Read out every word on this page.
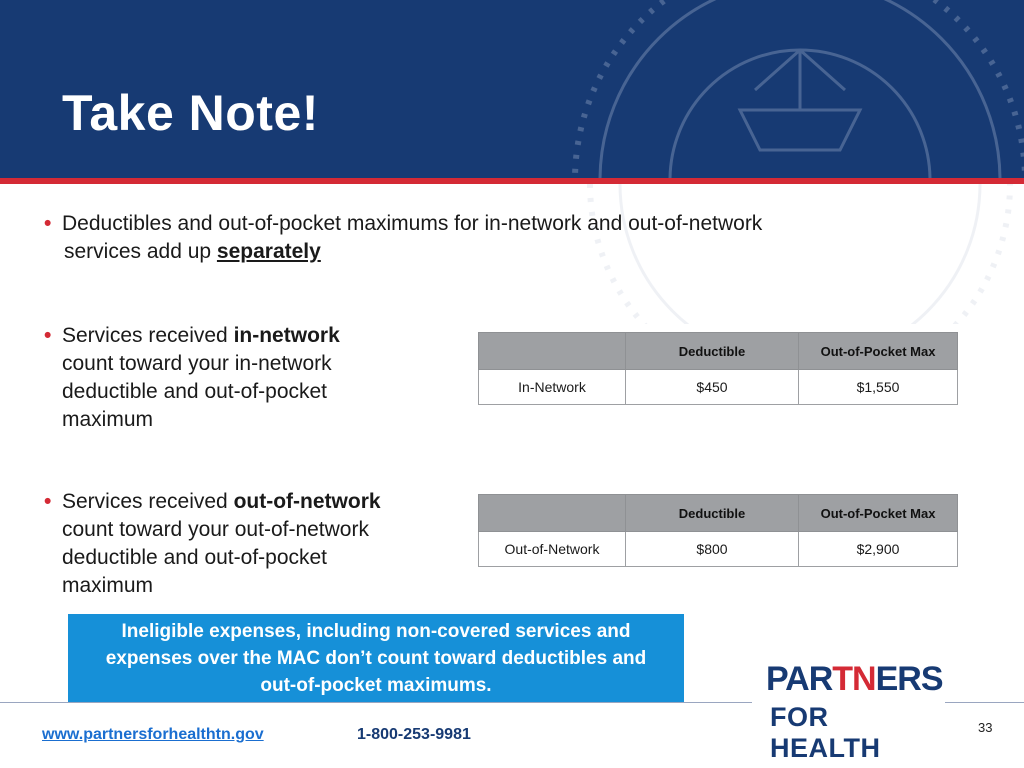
Take Note!
• Deductibles and out-of-pocket maximums for in-network and out-of-network
services add up separately
• Services received in-network
count toward your in-network
deductible and out-of-pocket
maximum
• Services received out-of-network
count toward your out-of-network
deductible and out-of-pocket
maximum
	Deductible	Out-of-Pocket Max
In-Network	$450	$1,550
	Deductible	Out-of-Pocket Max
Out-of-Network	$800	$2,900
Ineligible expenses, including non-covered services and expenses over the MAC don’t count toward deductibles and out-of-pocket maximums.	PARTNERS
FOR HEALTH
www.partnersforhealthtn.gov	1-800-253-9981	33
